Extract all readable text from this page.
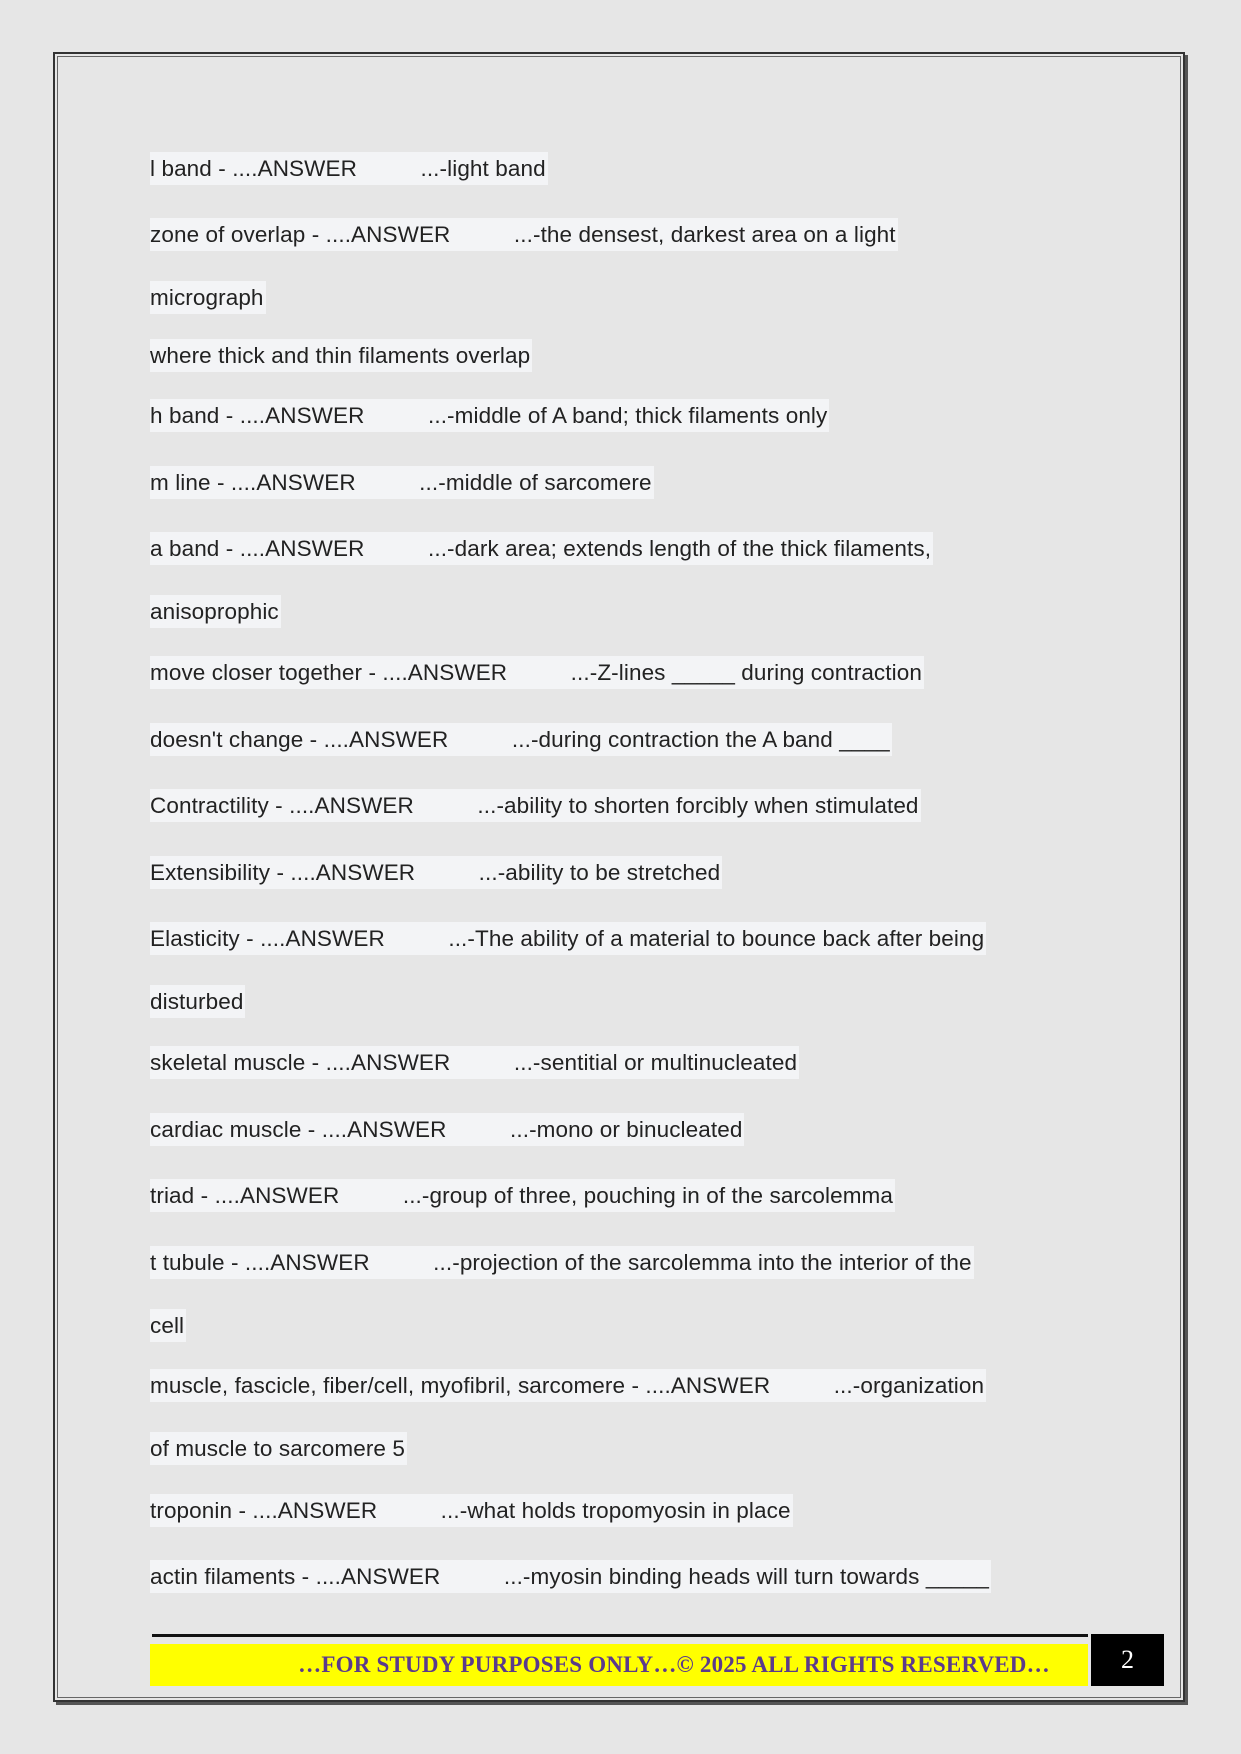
l band - ....ANSWER          ...-light band
zone of overlap - ....ANSWER          ...-the densest, darkest area on a light
micrograph
where thick and thin filaments overlap
h band - ....ANSWER          ...-middle of A band; thick filaments only
m line - ....ANSWER          ...-middle of sarcomere
a band - ....ANSWER          ...-dark area; extends length of the thick filaments,
anisoprophic
move closer together - ....ANSWER          ...-Z-lines _____ during contraction
doesn't change - ....ANSWER          ...-during contraction the A band ____
Contractility - ....ANSWER          ...-ability to shorten forcibly when stimulated
Extensibility - ....ANSWER          ...-ability to be stretched
Elasticity - ....ANSWER          ...-The ability of a material to bounce back after being
disturbed
skeletal muscle - ....ANSWER          ...-sentitial or multinucleated
cardiac muscle - ....ANSWER          ...-mono or binucleated
triad - ....ANSWER          ...-group of three, pouching in of the sarcolemma
t tubule - ....ANSWER          ...-projection of the sarcolemma into the interior of the
cell
muscle, fascicle, fiber/cell, myofibril, sarcomere - ....ANSWER          ...-organization
of muscle to sarcomere 5
troponin - ....ANSWER          ...-what holds tropomyosin in place
actin filaments - ....ANSWER          ...-myosin binding heads will turn towards _____
…FOR STUDY PURPOSES ONLY…© 2025 ALL RIGHTS RESERVED…	2
